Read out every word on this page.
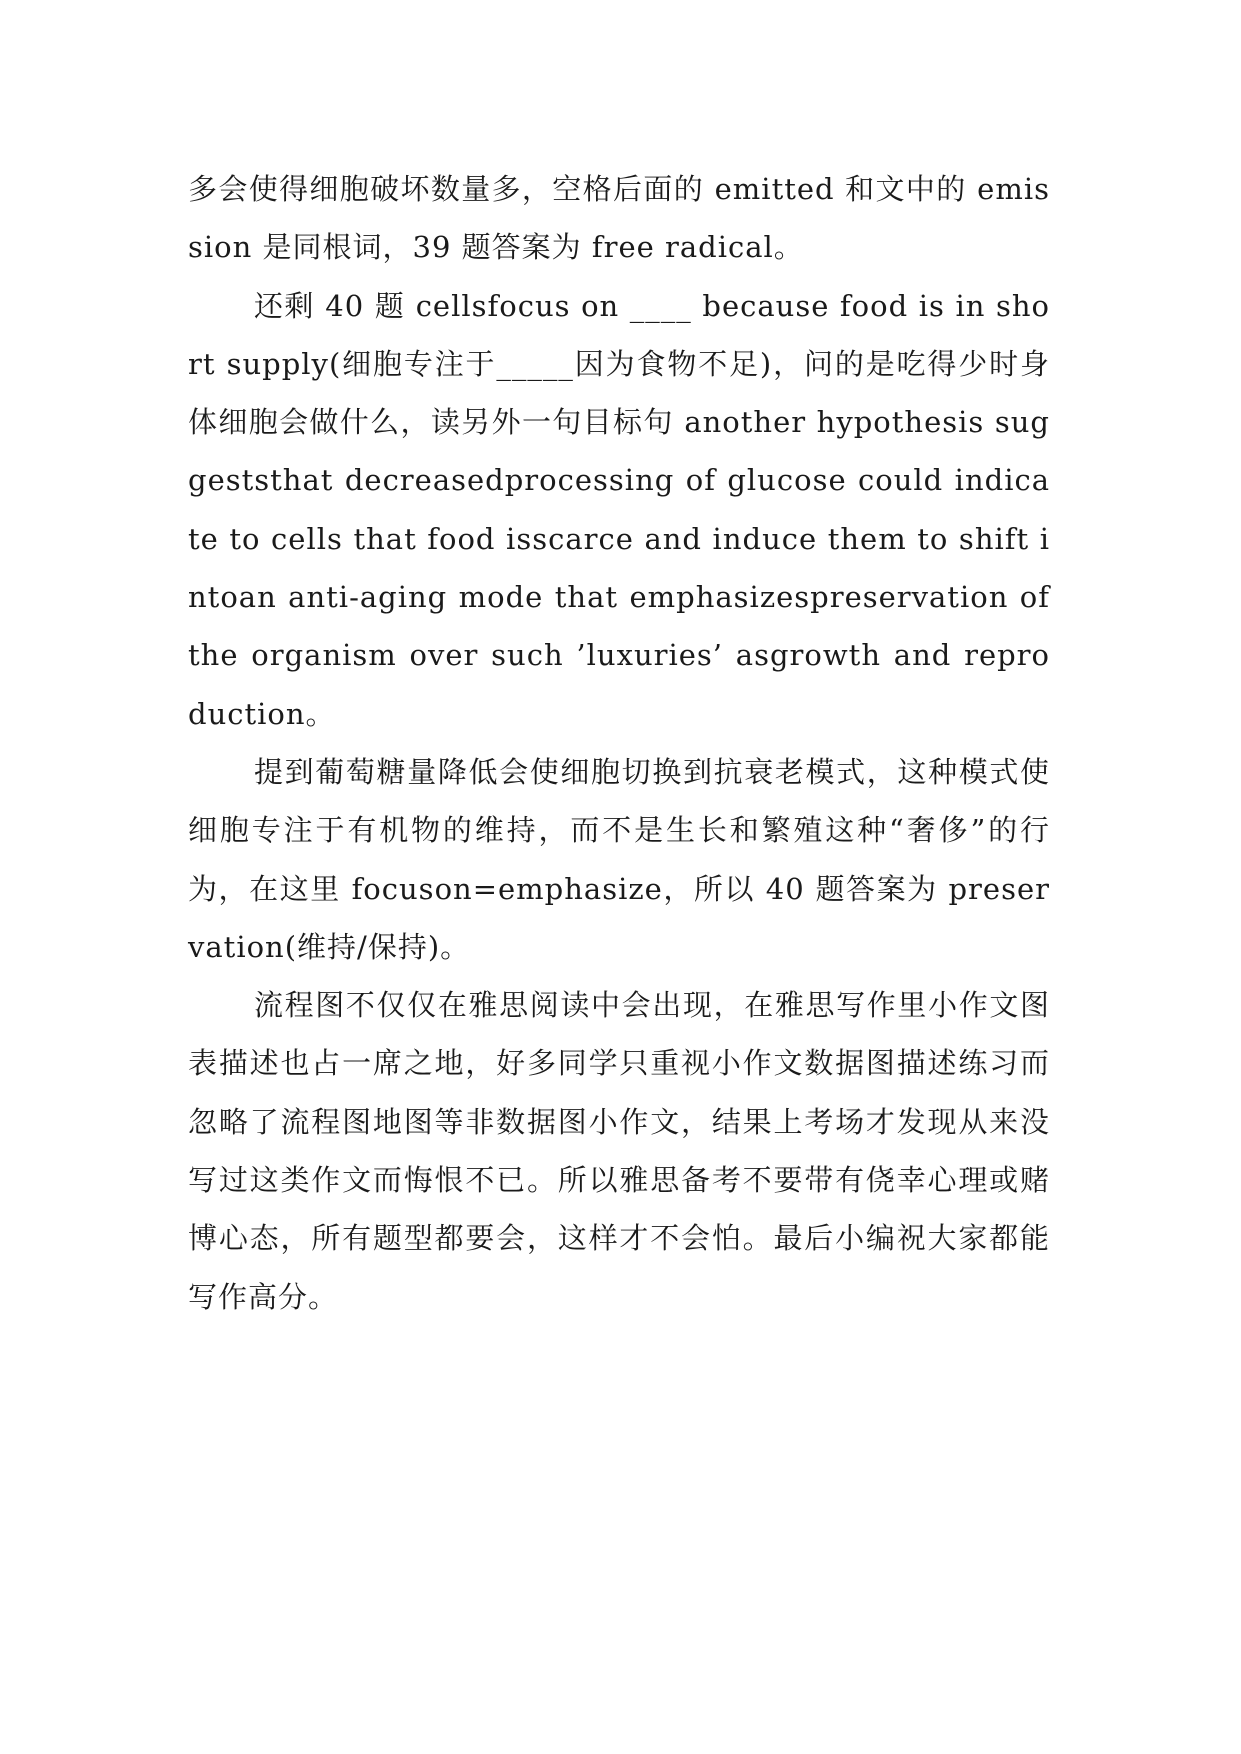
多会使得细胞破坏数量多，空格后面的 emitted 和文中的 emission 是同根词，39 题答案为 free radical。

还剩 40 题 cellsfocus on ____ because food is in short supply(细胞专注于_____因为食物不足)，问的是吃得少时身体细胞会做什么，读另外一句目标句 another hypothesis suggeststhat decreasedprocessing of glucose could indicate to cells that food isscarce and induce them to shift intoan anti-aging mode that emphasizespreservation of the organism over such ’luxuries’ asgrowth and reproduction。

提到葡萄糖量降低会使细胞切换到抗衰老模式，这种模式使细胞专注于有机物的维持，而不是生长和繁殖这种“奢侈”的行为，在这里 focuson=emphasize，所以 40 题答案为 preservation(维持/保持)。

流程图不仅仅在雅思阅读中会出现，在雅思写作里小作文图表描述也占一席之地，好多同学只重视小作文数据图描述练习而忽略了流程图地图等非数据图小作文，结果上考场才发现从来没写过这类作文而悔恨不已。所以雅思备考不要带有侥幸心理或赌博心态，所有题型都要会，这样才不会怕。最后小编祝大家都能写作高分。
